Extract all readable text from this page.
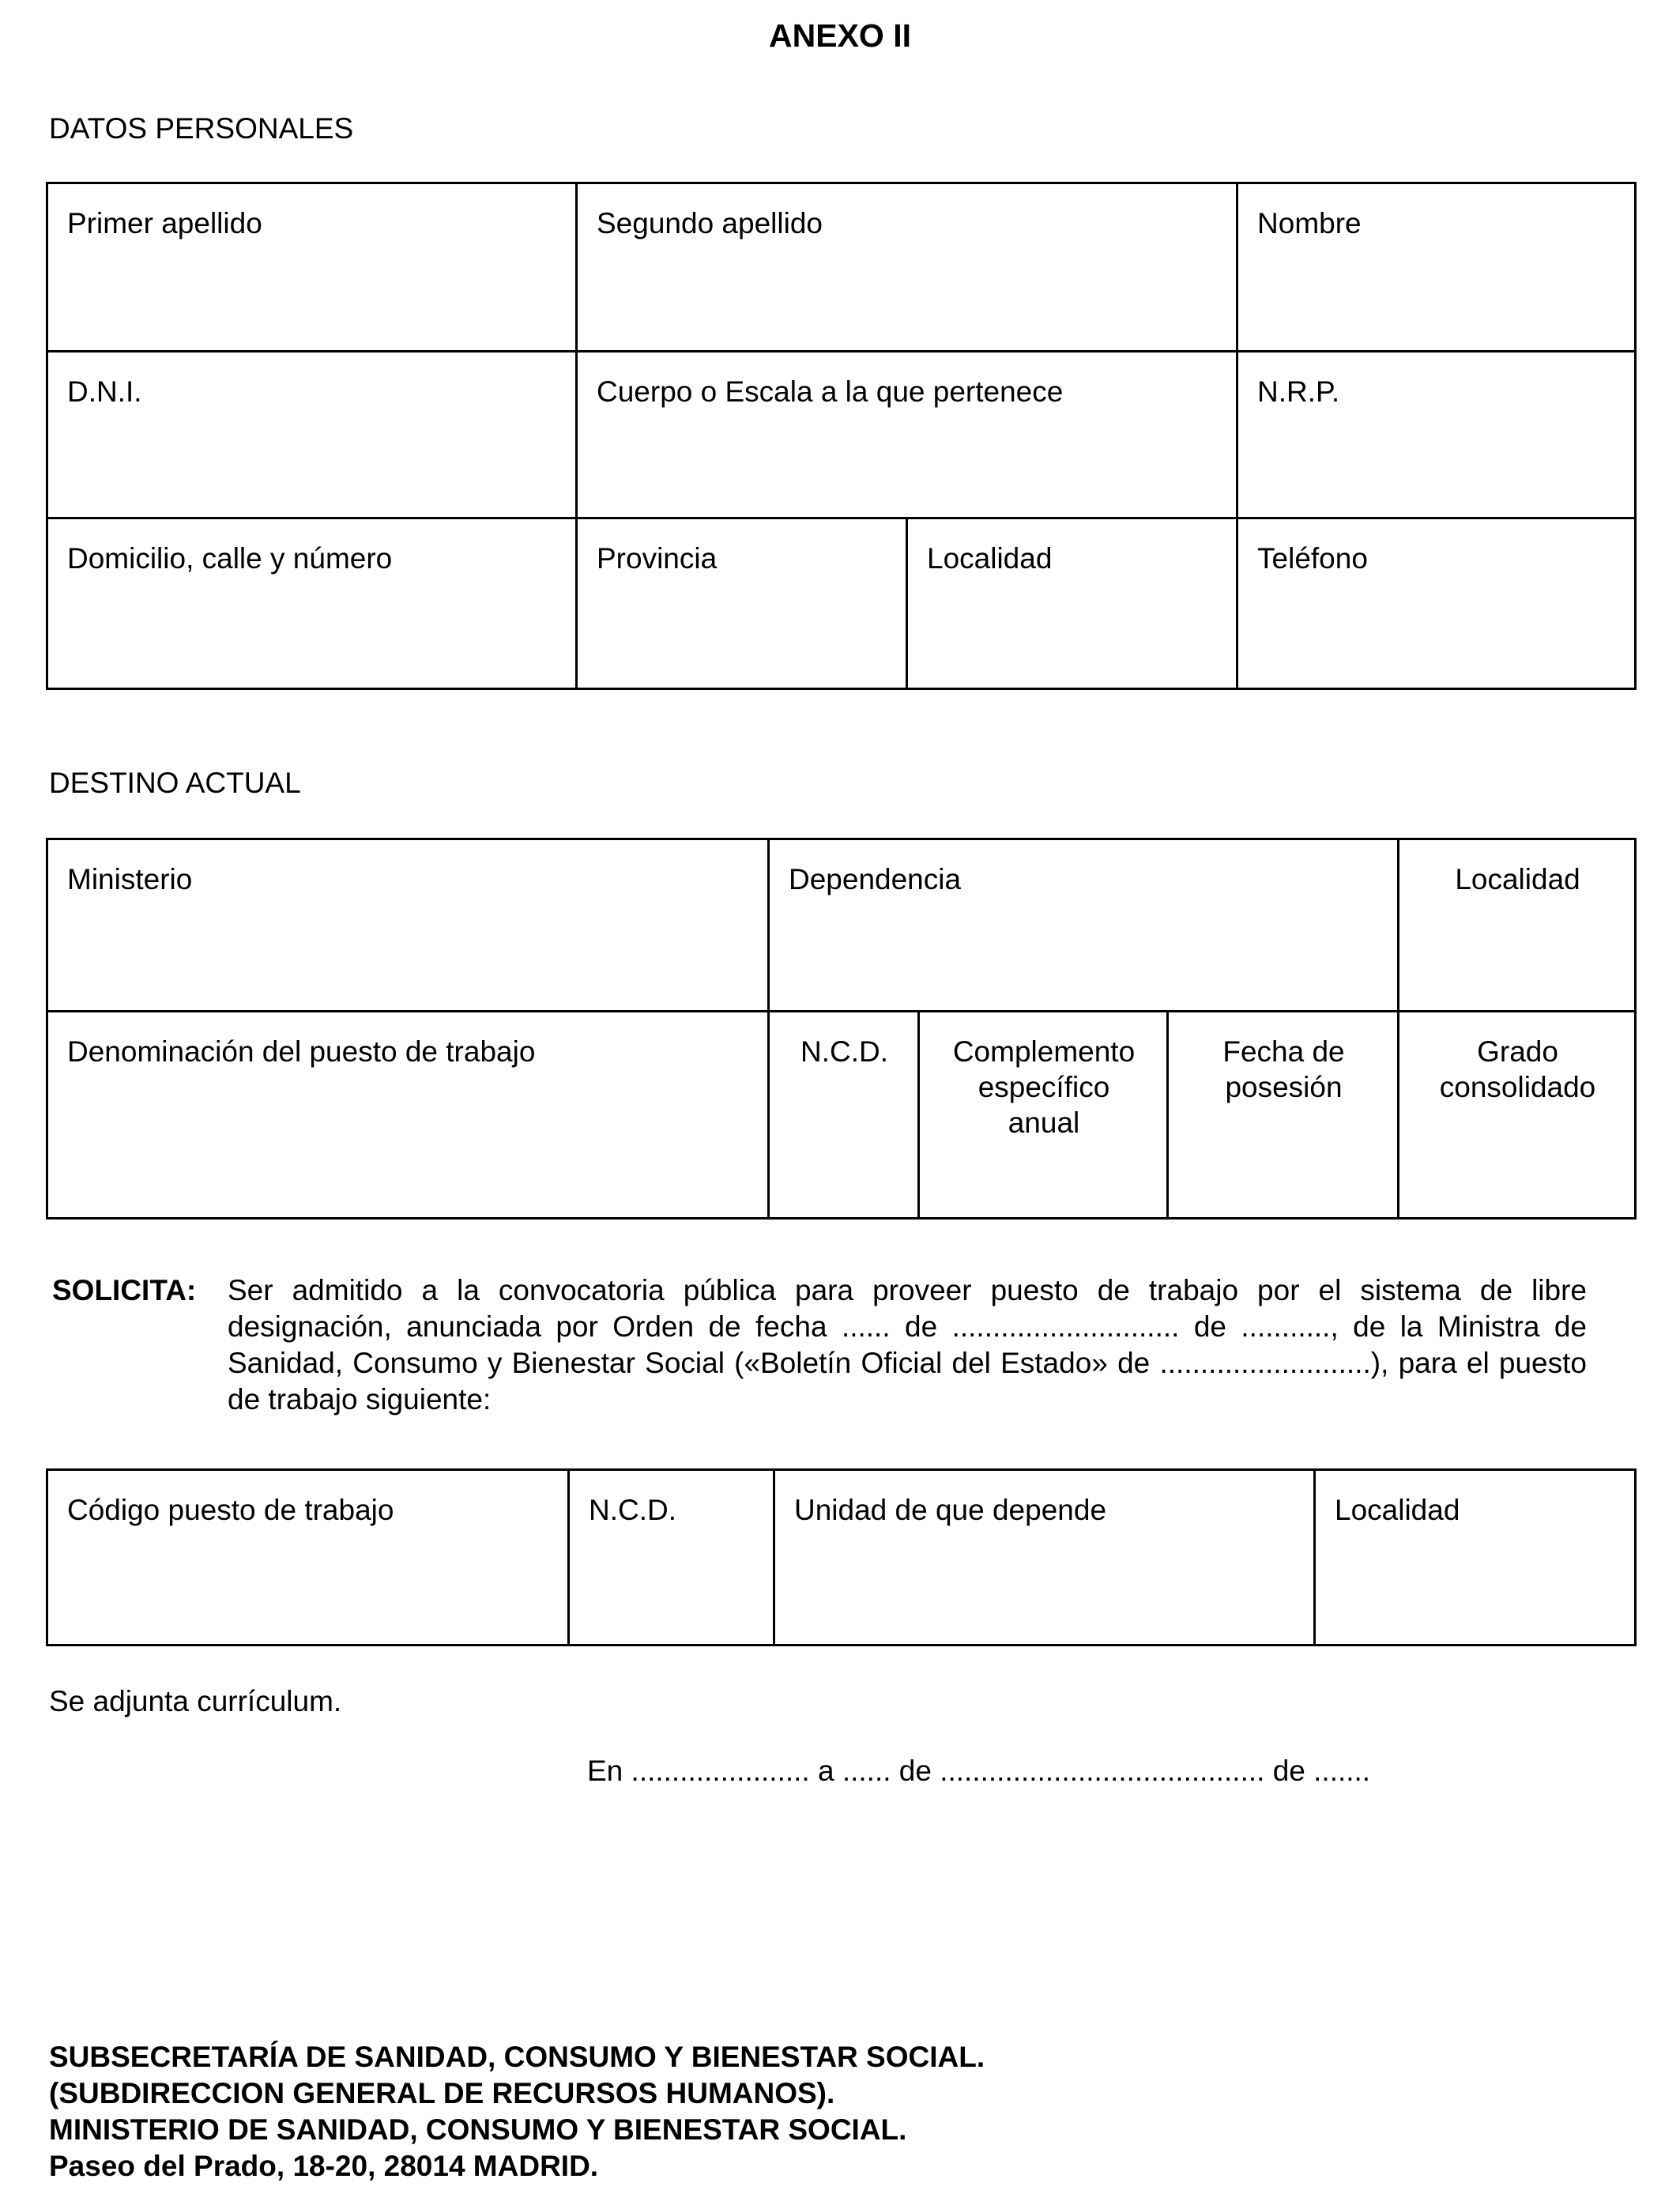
ANEXO II
DATOS PERSONALES
Primer apellido	Segundo apellido		Nombre
D.N.I.	Cuerpo o Escala a la que pertenece		N.R.P.
Domicilio, calle y número	Provincia	Localidad	Teléfono
DESTINO ACTUAL
Ministerio	Dependencia			Localidad
Denominación del puesto de trabajo	N.C.D.	Complemento específico anual	Fecha de posesión	Grado consolidado
SOLICITA: Ser admitido a la convocatoria pública para proveer puesto de trabajo por el sistema de libre designación, anunciada por Orden de fecha ...... de ............................ de ..........., de la Ministra de Sanidad, Consumo y Bienestar Social («Boletín Oficial del Estado» de ..........................), para el puesto de trabajo siguiente:
Código puesto de trabajo	N.C.D.	Unidad de que depende	Localidad
Se adjunta currículum.
En ...................... a ...... de ........................................ de .......
SUBSECRETARÍA DE SANIDAD, CONSUMO Y BIENESTAR SOCIAL.
(SUBDIRECCION GENERAL DE RECURSOS HUMANOS).
MINISTERIO DE SANIDAD, CONSUMO Y BIENESTAR SOCIAL.
Paseo del Prado, 18-20, 28014 MADRID.
